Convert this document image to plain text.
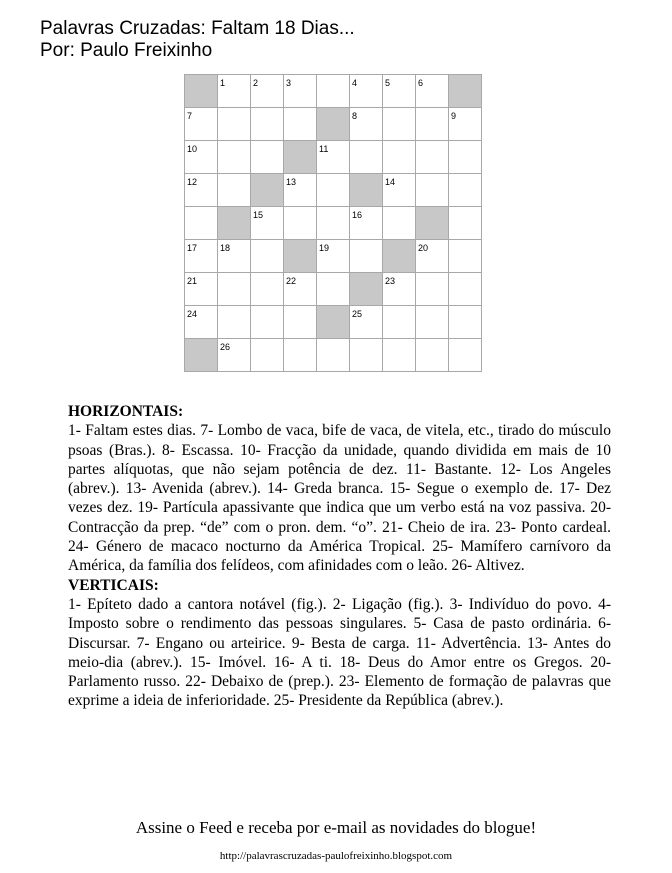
Palavras Cruzadas: Faltam 18 Dias...
Por: Paulo Freixinho

	1	2	3		4	5	6	

7					8			9

10				11				

12			13			14		

		15			16			

17	18			19			20	

21			22			23		

24					25			

	26							

HORIZONTAIS:

1- Faltam estes dias. 7- Lombo de vaca, bife de vaca, de vitela, etc., tirado do músculo psoas (Bras.). 8- Escassa. 10- Fracção da unidade, quando dividida em mais de 10 partes alíquotas, que não sejam potência de dez. 11- Bastante. 12- Los Angeles (abrev.). 13- Avenida (abrev.). 14- Greda branca. 15- Segue o exemplo de. 17- Dez vezes dez. 19- Partícula apassivante que indica que um verbo está na voz passiva. 20- Contracção da prep. “de” com o pron. dem. “o”. 21- Cheio de ira. 23- Ponto cardeal. 24- Género de macaco nocturno da América Tropical. 25- Mamífero carnívoro da América, da família dos felídeos, com afinidades com o leão. 26- Altivez.

VERTICAIS:

1- Epíteto dado a cantora notável (fig.). 2- Ligação (fig.). 3- Indivíduo do povo. 4- Imposto sobre o rendimento das pessoas singulares. 5- Casa de pasto ordinária. 6- Discursar. 7- Engano ou arteirice. 9- Besta de carga. 11- Advertência. 13- Antes do meio-dia (abrev.). 15- Imóvel. 16- A ti. 18- Deus do Amor entre os Gregos. 20- Parlamento russo. 22- Debaixo de (prep.). 23- Elemento de formação de palavras que exprime a ideia de inferioridade. 25- Presidente da República (abrev.).

Assine o Feed e receba por e-mail as novidades do blogue!
http://palavrascruzadas-paulofreixinho.blogspot.com
